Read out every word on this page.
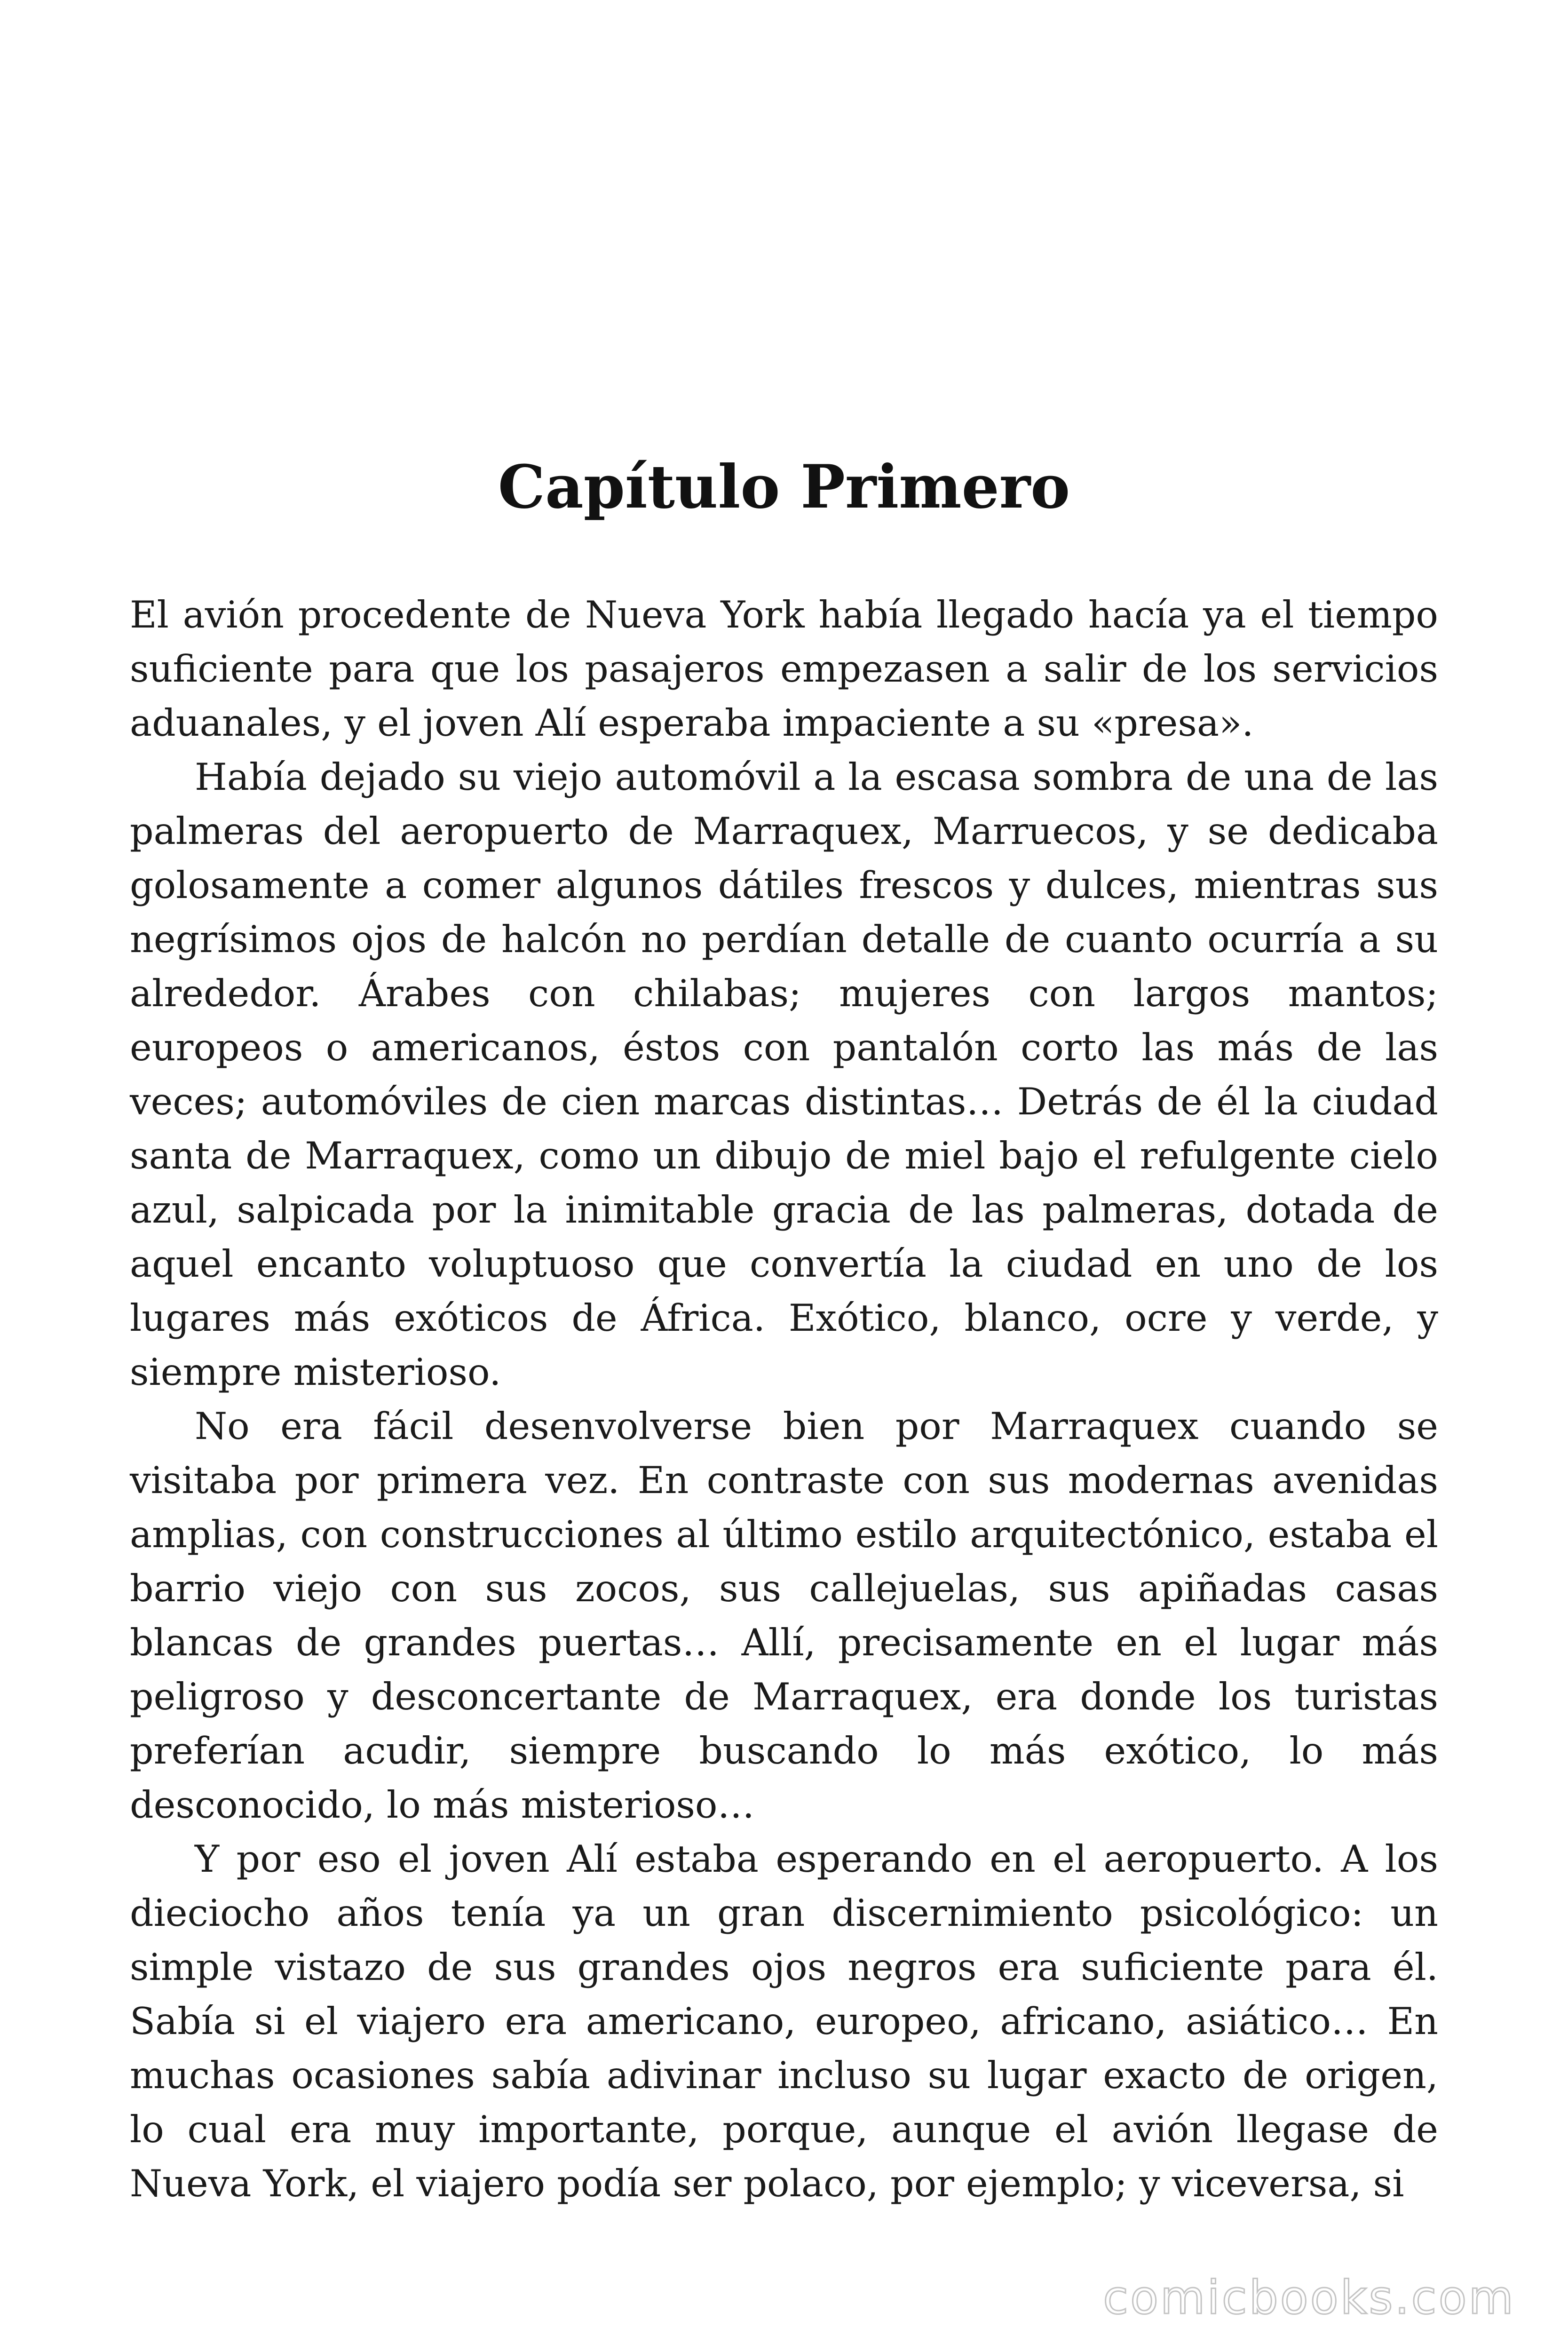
Capítulo Primero

El avión procedente de Nueva York había llegado hacía ya el tiempo suficiente para que los pasajeros empezasen a salir de los servicios aduanales, y el joven Alí esperaba impaciente a su «presa».

Había dejado su viejo automóvil a la escasa sombra de una de las palmeras del aeropuerto de Marraquex, Marruecos, y se dedicaba golosamente a comer algunos dátiles frescos y dulces, mientras sus negrísimos ojos de halcón no perdían detalle de cuanto ocurría a su alrededor. Árabes con chilabas; mujeres con largos mantos; europeos o americanos, éstos con pantalón corto las más de las veces; automóviles de cien marcas distintas… Detrás de él la ciudad santa de Marraquex, como un dibujo de miel bajo el refulgente cielo azul, salpicada por la inimitable gracia de las palmeras, dotada de aquel encanto voluptuoso que convertía la ciudad en uno de los lugares más exóticos de África. Exótico, blanco, ocre y verde, y siempre misterioso.

No era fácil desenvolverse bien por Marraquex cuando se visitaba por primera vez. En contraste con sus modernas avenidas amplias, con construcciones al último estilo arquitectónico, estaba el barrio viejo con sus zocos, sus callejuelas, sus apiñadas casas blancas de grandes puertas… Allí, precisamente en el lugar más peligroso y desconcertante de Marraquex, era donde los turistas preferían acudir, siempre buscando lo más exótico, lo más desconocido, lo más misterioso…

Y por eso el joven Alí estaba esperando en el aeropuerto. A los dieciocho años tenía ya un gran discernimiento psicológico: un simple vistazo de sus grandes ojos negros era suficiente para él. Sabía si el viajero era americano, europeo, africano, asiático… En muchas ocasiones sabía adivinar incluso su lugar exacto de origen, lo cual era muy importante, porque, aunque el avión llegase de Nueva York, el viajero podía ser polaco, por ejemplo; y viceversa, si

comicbooks.com
